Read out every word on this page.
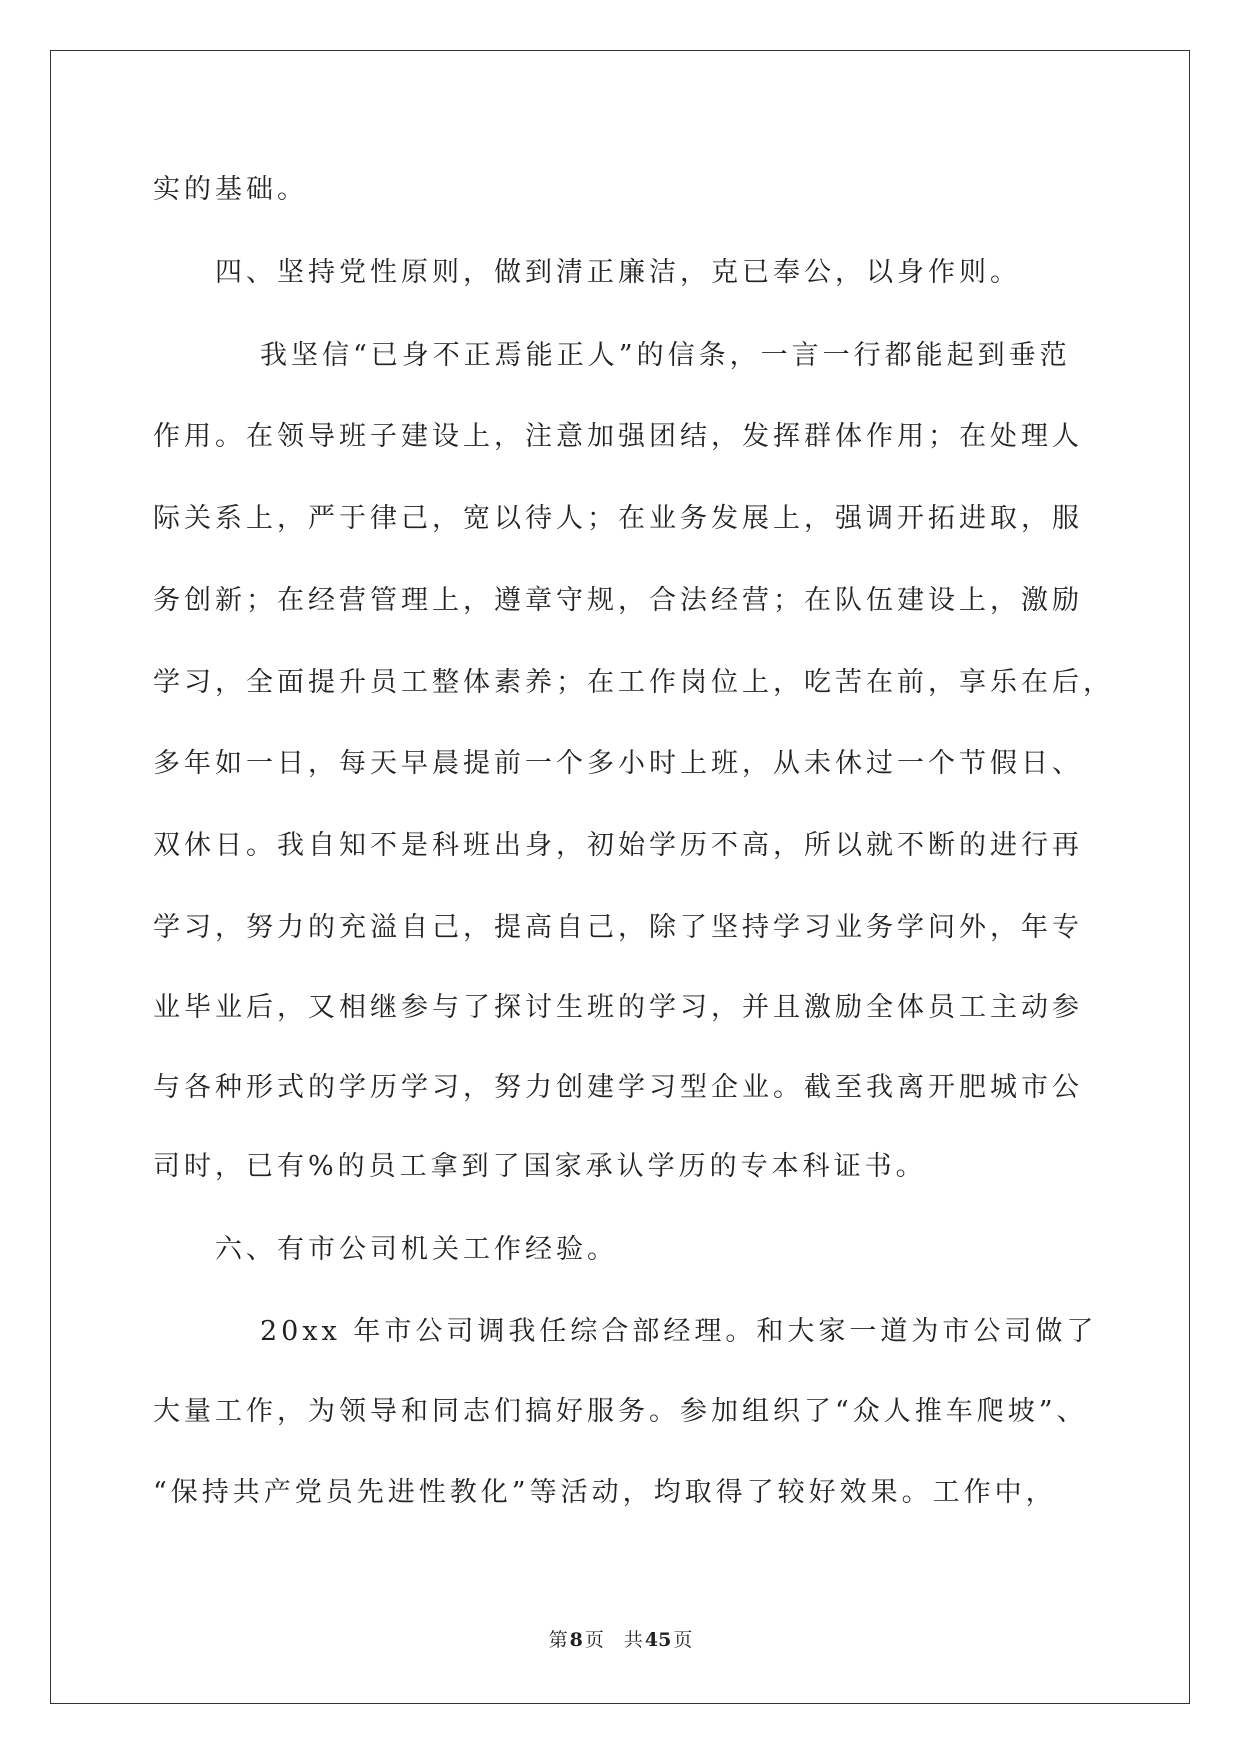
实的基础。
四、坚持党性原则，做到清正廉洁，克已奉公，以身作则。
我坚信“已身不正焉能正人”的信条，一言一行都能起到垂范
作用。在领导班子建设上，注意加强团结，发挥群体作用；在处理人
际关系上，严于律己，宽以待人；在业务发展上，强调开拓进取，服
务创新；在经营管理上，遵章守规，合法经营；在队伍建设上，激励
学习，全面提升员工整体素养；在工作岗位上，吃苦在前，享乐在后，
多年如一日，每天早晨提前一个多小时上班，从未休过一个节假日、
双休日。我自知不是科班出身，初始学历不高，所以就不断的进行再
学习，努力的充溢自己，提高自己，除了坚持学习业务学问外，年专
业毕业后，又相继参与了探讨生班的学习，并且激励全体员工主动参
与各种形式的学历学习，努力创建学习型企业。截至我离开肥城市公
司时，已有%的员工拿到了国家承认学历的专本科证书。
六、有市公司机关工作经验。
20xx 年市公司调我任综合部经理。和大家一道为市公司做了
大量工作，为领导和同志们搞好服务。参加组织了“众人推车爬坡”、
“保持共产党员先进性教化”等活动，均取得了较好效果。工作中，
第 8 页 共 45 页
